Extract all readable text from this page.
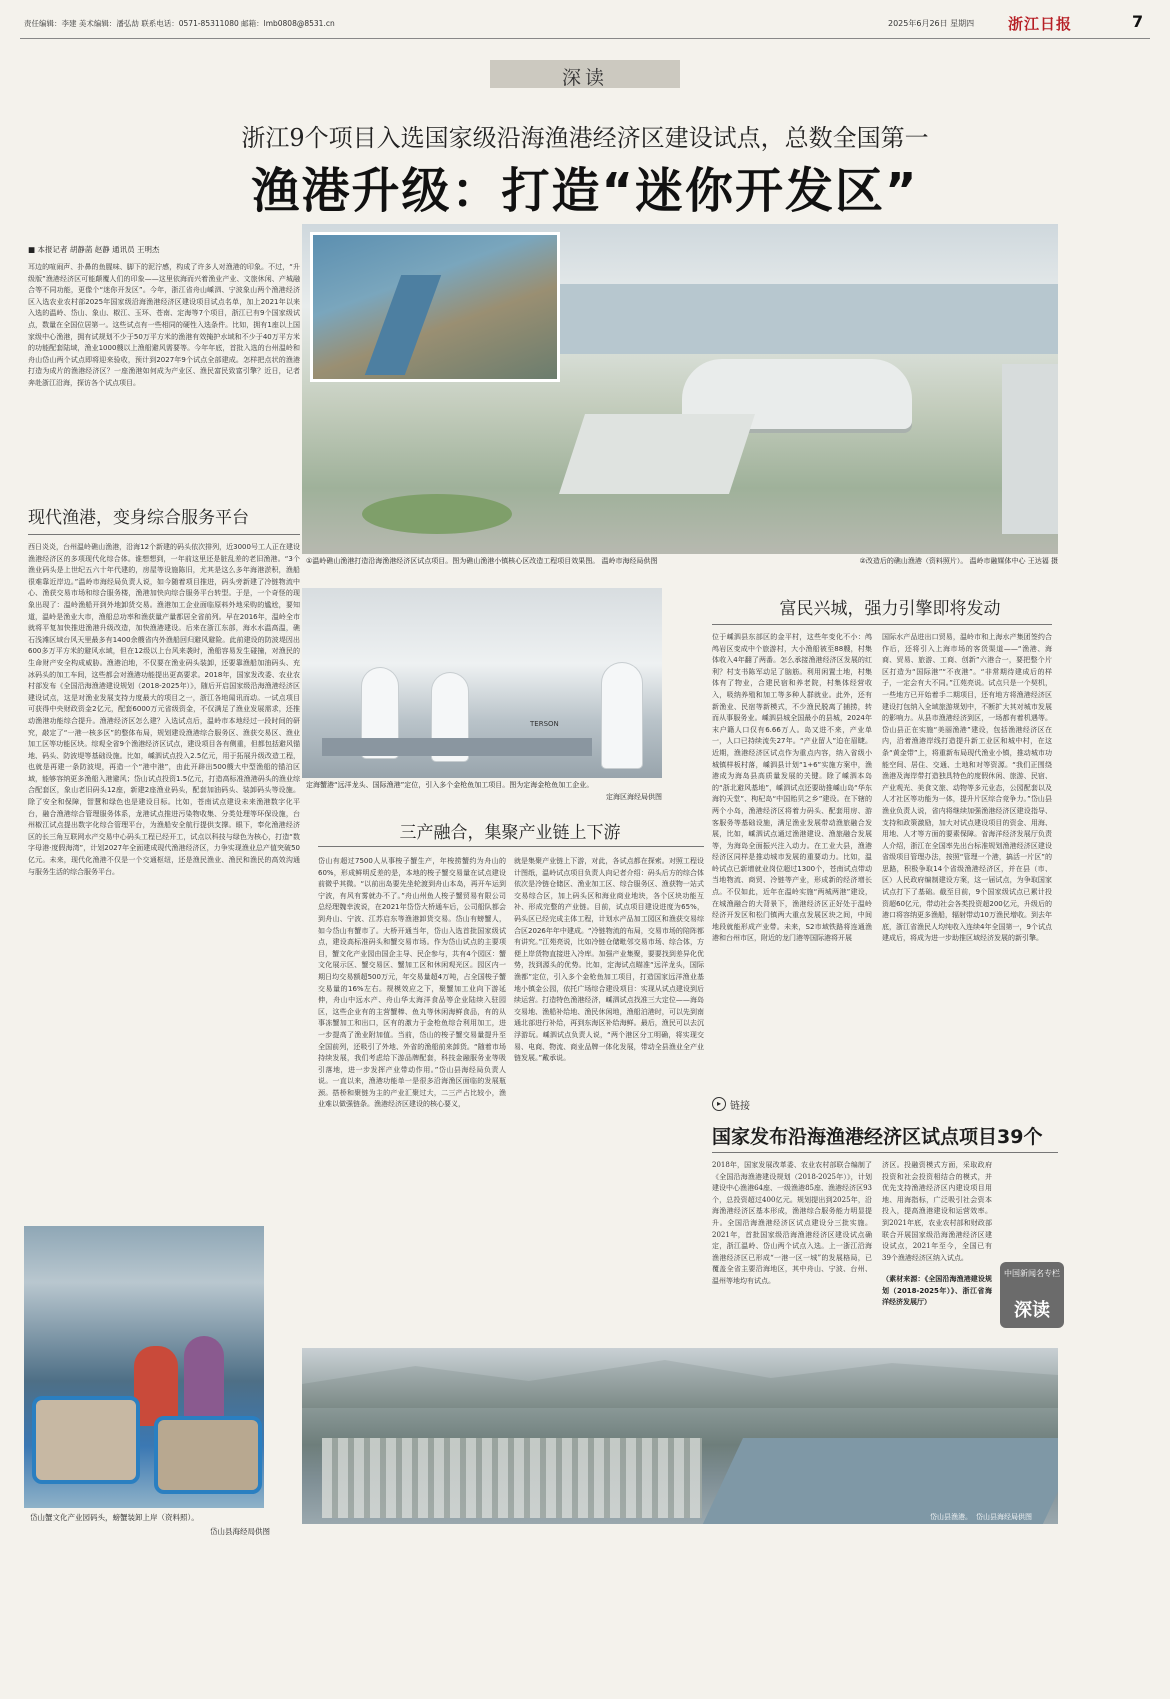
责任编辑：李建 美术编辑：潘弘劼 联系电话：0571-85311080 邮箱：lmb0808@8531.cn	2025年6月26日 星期四 浙江日报	7
深读
浙江9个项目入选国家级沿海渔港经济区建设试点，总数全国第一
渔港升级：打造“迷你开发区”
■ 本报记者 胡静菡 赵静 通讯员 王明杰
耳边的喧闹声、扑鼻的鱼腥味、脚下的泥泞感，构成了许多人对渔港的印象。不过，“升级版”渔港经济区可能颠覆人们的印象——这里依海而兴着渔业产业、文旅休闲、产城融合等不同功能，更像个“迷你开发区”。今年，浙江省舟山嵊泗、宁波象山两个渔港经济区入选农业农村部2025年国家级沿海渔港经济区建设项目试点名单，加上2021年以来入选的温岭、岱山、象山、椒江、玉环、苍南、定海等7个项目，浙江已有9个国家级试点，数量在全国位居第一。这些试点有一些相同的硬性入选条件。比如，拥有1座以上国家级中心渔港，拥有试规划不少于50万平方米的渔港有效掩护水域和不少于40万平方米的功能配套陆域，渔业1000艘以上渔船避风需要等。今年年底，首批入选的台州温岭和舟山岱山两个试点即将迎来验收，预计到2027年9个试点全部建成。怎样把点状的渔港打造为成片的渔港经济区？一座渔港如何成为产业区、渔民富民致富引擎？近日，记者奔赴浙江沿海，探访各个试点项目。
现代渔港，变身综合服务平台
西日炎炎，台州温岭礁山渔港，沿海12个新建的码头依次排列，近3000号工人正在建设渔港经济区的多项现代化综合体。谁想想到，一年前这里还是脏乱差的老旧渔港。“3个渔业码头是上世纪五六十年代建的，房屋等设施陈旧，尤其是这么多年海港淤积，渔船很难靠近岸边。”温岭市海经局负责人说，如今随着项目推进，码头旁新建了冷链物流中心、渔获交易市场和综合服务楼，渔港加快向综合服务平台转型。于是，一个奇怪的现象出现了：温岭渔船开到外地卸货交易。渔港加工企业面临原料外地采购的尴尬，要知道，温岭是渔业大市，渔船总功率和渔获量产量都居全省前列。早在2016年，温岭全市就将平复加快推进渔港升级改造，加快渔港建设。后来在浙江东部，海水水温高温，礁石浅滩区域台风天里最多有1400余艘省内外渔船回归避风避险。此前建设的防波堤因出600多万平方米的避风水域，但在12级以上台风来袭时，渔船容易发生碰撞，对渔民的生命财产安全构成威胁。渔港泊地，不仅要在渔业码头装卸，还要靠渔船加油码头、充冰码头的加工车间，这些都会对渔港功能提出更高要求。2018年，国家发改委、农业农村部发布《全国沿海渔港建设规划（2018-2025年）》，随后开启国家级沿海渔港经济区建设试点，这是对渔业发展支持力度最大的项目之一，浙江各地闻讯而动。一试点项目可获得中央财政资金2亿元，配套6000万元省级资金，不仅满足了渔业发展需求，还推动渔港功能综合提升。渔港经济区怎么建？入选试点后，温岭市本地经过一段时间的研究，敲定了“一港一核多区”的整体布局，规划建设渔港综合服务区、渔获交易区、渔业加工区等功能区块。综观全省9个渔港经济区试点，建设项目各有侧重，但都包括避风锚地、码头、防波堤等基础设施。比如，嵊泗试点投入2.5亿元，用于拓展升级改造工程，也就是再建一条防波堤，再造一个“港中港”，由此开辟出500艘大中型渔船的锚泊区域，能够容纳更多渔船入港避风；岱山试点投资1.5亿元，打造高标准渔港码头的渔业综合配套区，象山老旧码头12座，新建2座渔业码头，配套加油码头、装卸码头等设施。除了安全和保障，智慧和绿色也是建设目标。比如，苍南试点建设未来渔港数字化平台，融合渔港综合管理服务体系，龙港试点推进污染物收集、分类处理等环保设施，台州椒江试点提出数字化综合管理平台，为渔船安全航行提供支撑。眼下，奉化渔港经济区的长三角互联网水产交易中心码头工程已经开工，试点以科技与绿色为核心，打造“数字母港·度假海湾”，计划2027年全面建成现代渔港经济区，力争实现渔业总产值突破50亿元。未来，现代化渔港不仅是一个交通枢纽，还是渔民渔业、渔民和渔民的高效沟通与服务生活的综合服务平台。
岱山蟹文化产业园码头，螃蟹装卸上岸（资料照）。
岱山县海经局供图
①温岭礁山渔港打造沿海渔港经济区试点项目。图为礁山渔港小镇核心区改造工程项目效果图。 温岭市海经局供图	②改造后的礁山渔港（资料照片）。 温岭市融媒体中心 王达福 摄
TERSON
定海蟹港“远洋龙头、国际渔港”定位，引入多个金枪鱼加工项目。图为定海金枪鱼加工企业。
定海区海经局供图
三产融合，集聚产业链上下游
岱山有超过7500人从事梭子蟹生产，年梭捞蟹约为舟山的60%，形成鲜明反差的是，本地的梭子蟹交易量在试点建设前微乎其微。“以前出岛要先坐轮渡到舟山本岛，再开车运到宁波，有风有雾就办不了。”舟山州鱼人梭子蟹贸易有限公司总经理魏幸波说，在2021年岱岱大桥通车后，公司船队都会到舟山、宁波、江苏启东等渔港卸货交易。岱山有螃蟹人，如今岱山有蟹市了。大桥开通当年，岱山入选首批国家级试点，建设高标准码头和蟹交易市场。作为岱山试点的主要项目，蟹文化产业园由国企主导、民企参与，共有4个园区：蟹文化展示区、蟹交易区、蟹加工区和休闲观光区。园区内一期日均交易额超500万元，年交易量超4万吨，占全国梭子蟹交易量的16%左右。规模效应之下，聚蟹加工业向下游延伸，舟山中远水产、舟山华太海洋食品等企业陆续入驻园区，这些企业有的主营蟹棒、鱼丸等休闲海鲜食品，有的从事冻蟹加工和出口，区有的激力于金枪鱼综合利用加工，进一步提高了渔业附加值。当前，岱山的梭子蟹交易量提升至全国前列，还吸引了外地、外省的渔船前来卸货。“随着市场持续发展，我们考虑给下游品牌配套，科技金融服务业等吸引落地，进一步发挥产业带动作用。”岱山县海经局负责人说。一直以来，渔港功能单一是很多沿海渔区面临的发展瓶颈。搭桥和聚链为主的产业汇聚过大，二三产占比较小，渔业难以做强链条。渔港经济区建设的核心要义，
就是集聚产业链上下游，对此，各试点都在探索。对照工程设计图纸，温岭试点项目负责人向记者介绍：码头后方的综合体依次是冷链仓储区、渔业加工区、综合服务区、渔获物一站式交易综合区，加上码头区和海业商业地块，各个区块功能互补、形成完整的产业链。目前，试点项目建设进度为65%，码头区已经完成主体工程，计划水产品加工园区和渔获交易综合区2026年年中建成。“冷链物流的布局，交易市场的陪阵都有讲究。”江苑亮说，比如冷链仓储毗邻交易市场、综合体，方便上岸货物直接进入冷库。加强产业集聚，要要找到差异化优势，找到源头的优势。比如，定海试点瞄准“远洋龙头，国际渔都”定位，引入多个金枪鱼加工项目，打造国家远洋渔业基地小镇金公园，依托广场综合建设项目：实现从试点建设到后续运营。打造特色渔港经济，嵊泗试点找准三大定位——海岛交易地、渔船补给地、渔民休闲地，渔船泊港时，可以先到南通北部进行补给，再到东海区补给海鲜。最后，渔民可以去沉浮游玩。嵊泗试点负责人说，“两个港区分工明确，将实现交易、电商、物流、商业品牌一体化发展，带动全县渔业全产业链发展。”戴承说。
富民兴城，强力引擎即将发动
位于嵊泗县东部区的金平村，这些年变化不小：鸬鸬岩区变成中个旅游村，大小渔船被至88艘，村集体收入4年翻了两番。怎么承接渔港经济区发展的红利？村支书陈军动足了脑筋。利用闲置土地，村集体有了物业，合建民宿和养老院，村集体经营收入，吸纳养殖和加工等多种人群就业。此外，还有新渔业、民宿等新模式，不少渔民脱离了捕捞，转而从事服务业。嵊泗县城全国最小的县城，2024年末户籍人口仅有6.66万人。岛又进不来，产业单一，人口已持续流失27年。“产业留人”迫在眉睫。近期，渔港经济区试点作为重点内容，纳入省级小城镇样板村落，嵊泗县计划“1+6”实施方案中，渔港成为海岛县高质量发展的关键。除了嵊泗本岛的“浙北避风基地”，嵊泗试点还要助推嵊山岛“华东海钓天堂”、枸杞岛“中国贻贝之乡”建设。在下辖的两个小岛，渔港经济区将着力码头、配套用房、游客服务等基础设施，满足渔业发展带动渔旅融合发展，比如，嵊泗试点通过渔港建设、渔旅融合发展等，为海岛全面振兴注入动力。在工业大县，渔港经济区同样是推动城市发展的重要动力。比如，温岭试点已新增就业岗位超过1300个，苍南试点带动当地物流、商贸、冷链等产业，形成新的经济增长点。不仅如此，近年在温岭实施“两城两港”建设，在城渔融合的大背景下，渔港经济区正好处于温岭经济开发区和松门镇两大重点发展区块之间，中间地段就能形成产业带。未来，S2市域铁路将连通渔港和台州市区，附近的龙门港等国际港将开展
国际水产品进出口贸易，温岭市和上海水产集团签约合作后，还将引入上海市场的客货渠道——“渔港、海商、贸易、旅游、工商、创新”六港合一，要把整个片区打造为“国际港”“不夜港”。“非常期待建成后的样子，一定会有大不同。”江苑亮说。试点只是一个契机，一些地方已开始着手二期项目，还有地方将渔港经济区建设打包纳入全域旅游规划中，不断扩大其对城市发展的影响力。从县市渔港经济到区，一场都有着机遇等。岱山县正在实施“美丽渔港”建设，包括渔港经济区在内，沿着渔港岸线打造提升新工业区和城中村，在这条“黄金带”上，将重新布局现代渔业小镇，推动城市功能空间、居住、交通、土地和对等资源。“我们正围绕渔港及海岸带打造独具特色的度假休闲、旅游、民宿、产业观光、美食文旅、动物等多元业态，公园配套以及人才社区等功能为一体，提升片区综合竞争力。”岱山县渔业负责人说，省内将继续加强渔港经济区建设指导、支持和政策激励，加大对试点建设项目的资金、用海、用地、人才等方面的要素保障。省海洋经济发展厅负责人介绍，浙江在全国率先出台标准规划渔港经济区建设省级项目管理办法，按照“管理一个港，搞活一片区”的思路，积极争取14个省级渔港经济区，并在县（市、区）人民政府编制建设方案，这一届试点，为争取国家试点打下了基础。截至目前，9个国家级试点已累计投资超60亿元，带动社会各类投资超200亿元，升级后的港口将容纳更多渔船，辐射带动10万渔民增收。到去年底，浙江省渔民人均纯收入连续4年全国第一，9个试点建成后，将成为进一步助推区域经济发展的新引擎。
▸ 链接
国家发布沿海渔港经济区试点项目39个
2018年，国家发展改革委、农业农村部联合编制了《全国沿海渔港建设规划（2018-2025年）》，计划建设中心渔港64座、一级渔港85座、渔港经济区93个，总投资超过400亿元。规划提出到2025年，沿海渔港经济区基本形成，渔港综合服务能力明显提升。全国沿海渔港经济区试点建设分三批实施。2021年，首批国家级沿海渔港经济区建设试点确定，浙江温岭、岱山两个试点入选。上一浙江沿海渔港经济区已形成“一港一区一城”的发展格局，已覆盖全省主要沿海地区，其中舟山、宁波、台州、温州等地均有试点。
济区。投融资模式方面，采取政府投资和社会投资相结合的模式，并优先支持渔港经济区内建设项目用地、用海指标，广泛吸引社会资本投入，提高渔港建设和运营效率。到2021年底，农业农村部和财政部联合开展国家级沿海渔港经济区建设试点，2021年至今，全国已有39个渔港经济区纳入试点。
（素材来源：《全国沿海渔港建设规划（2018-2025年）》、浙江省海洋经济发展厅）
中国新闻名专栏
深读
岱山县渔港。 岱山县海经局供图
